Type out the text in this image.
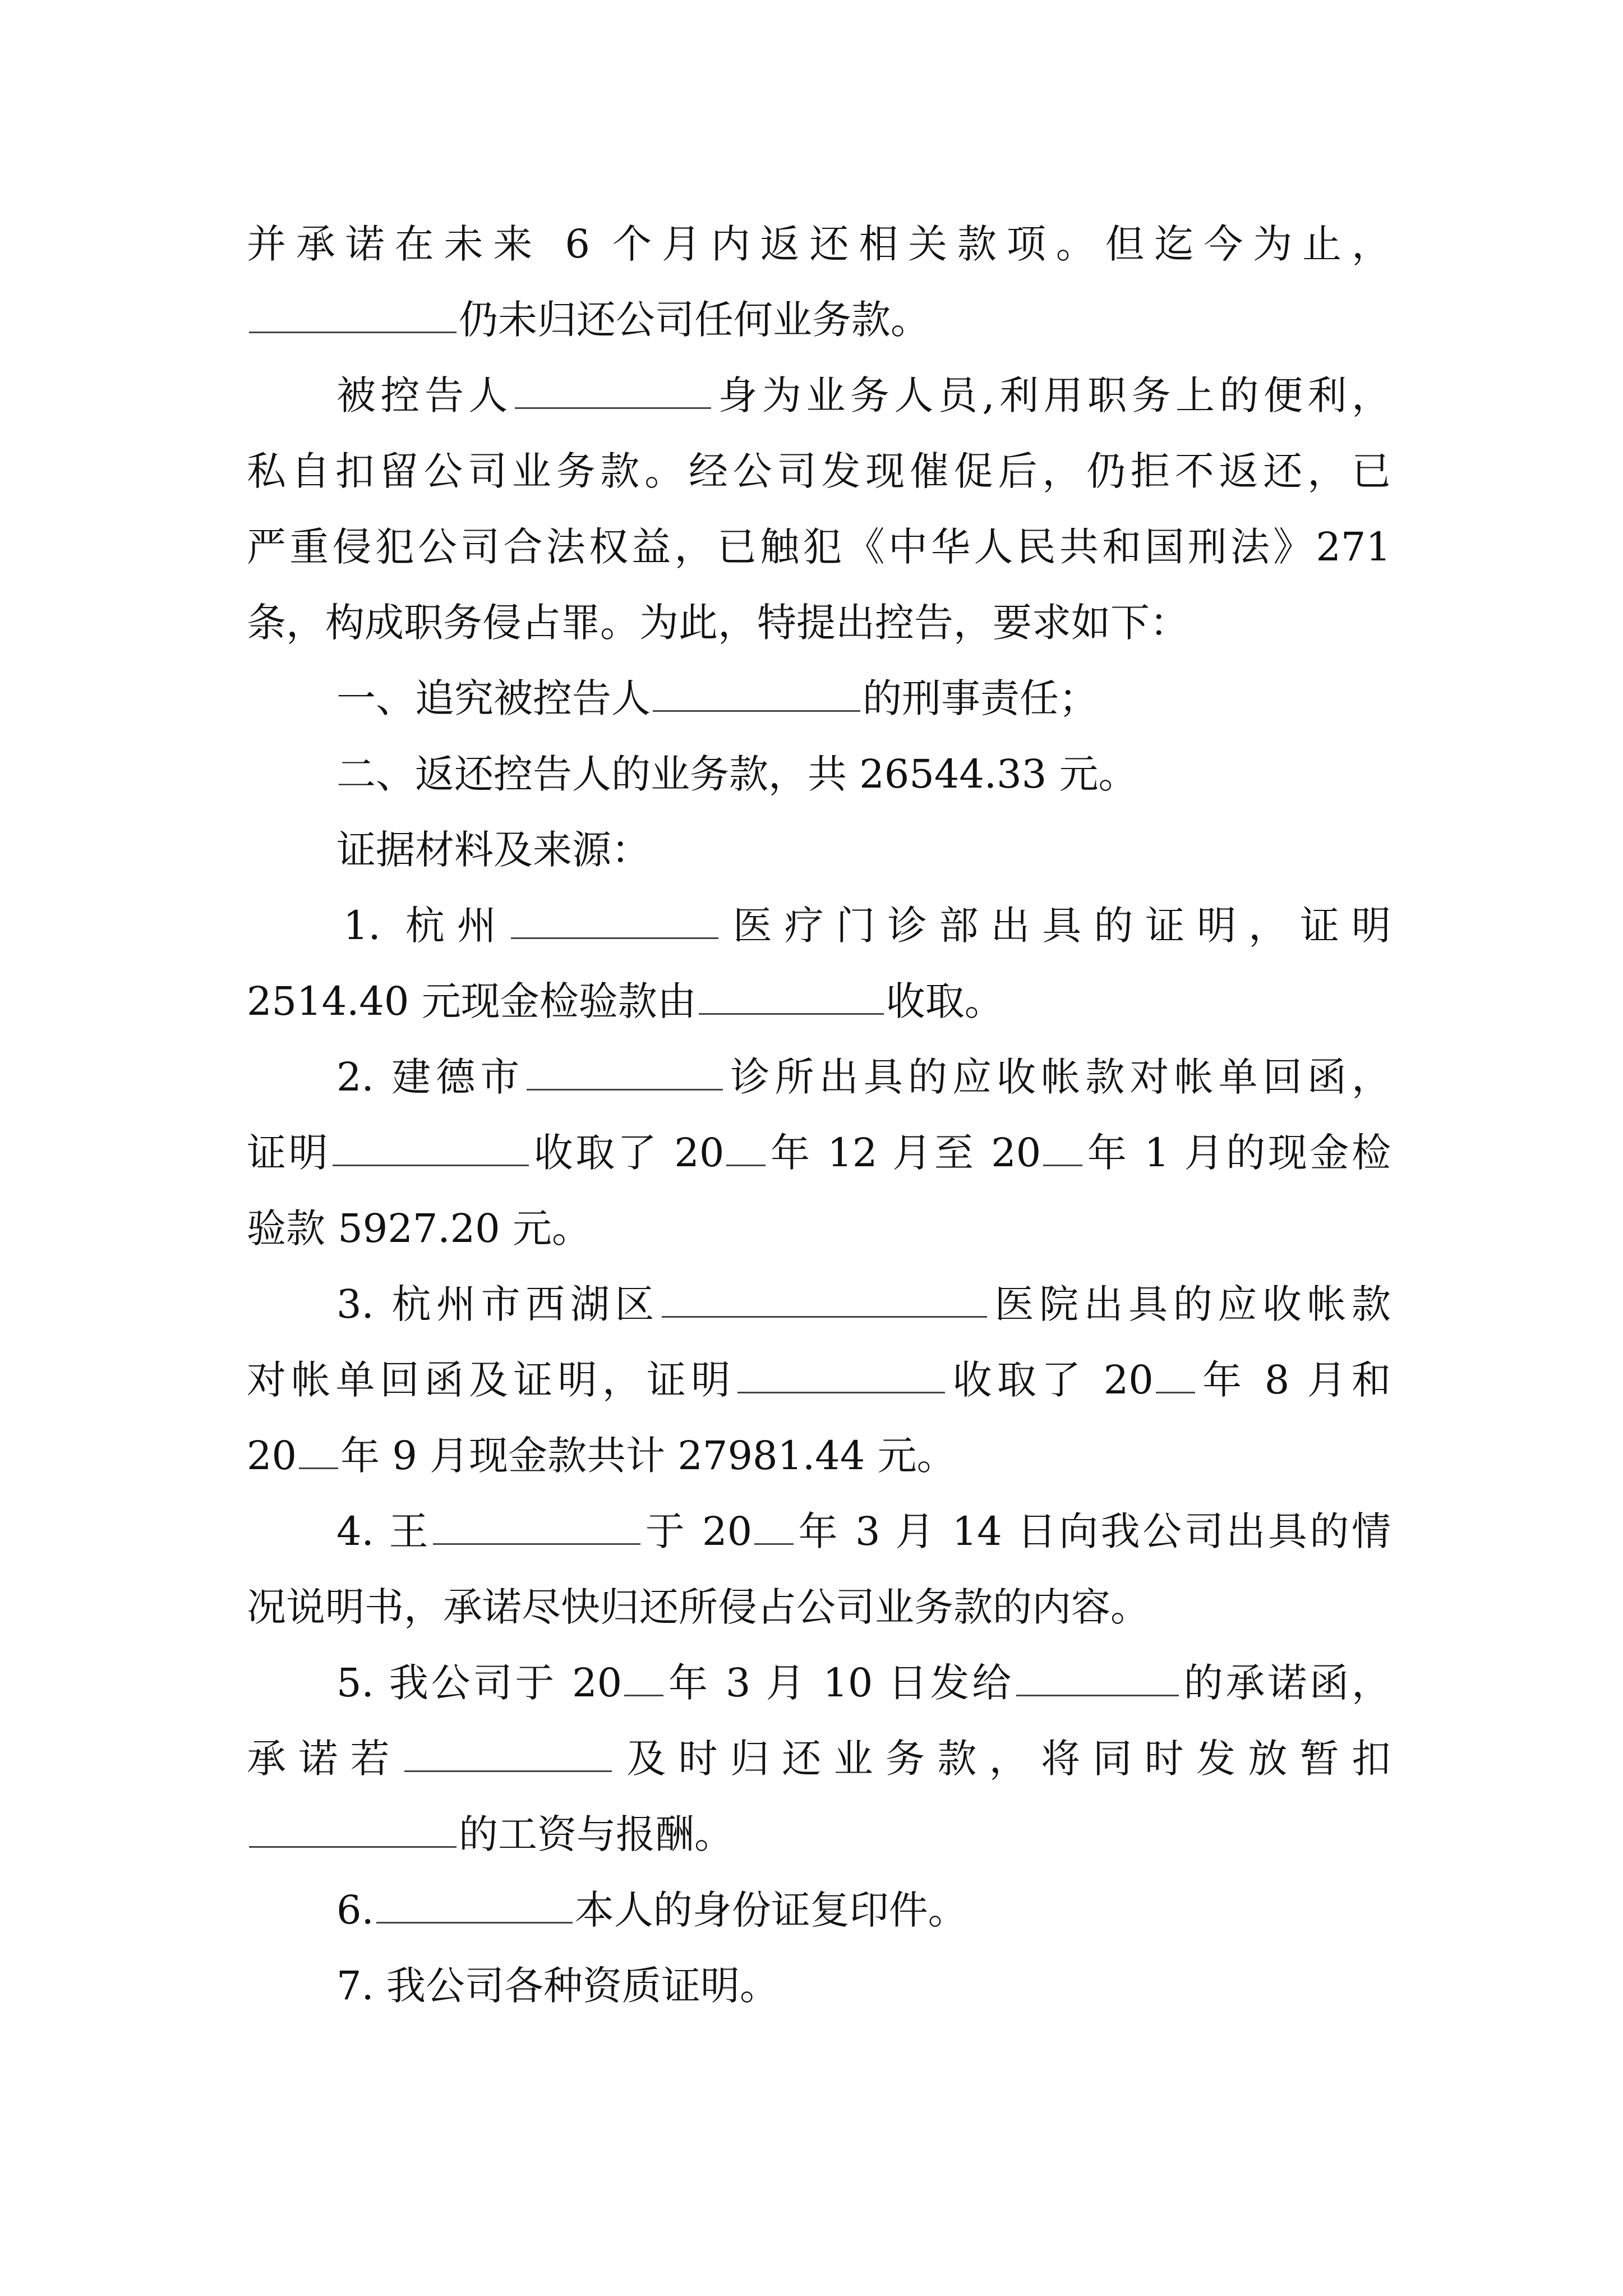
并承诺在未来 6 个月内返还相关款项。但迄今为止，
仍未归还公司任何业务款。
被控告人	身为业务人员,利用职务上的便利，
私自扣留公司业务款。经公司发现催促后，仍拒不返还，已
严重侵犯公司合法权益，已触犯《中华人民共和国刑法》271
条，构成职务侵占罪。为此，特提出控告，要求如下：
一、追究被控告人	的刑事责任；
二、返还控告人的业务款，共 26544.33 元。
证据材料及来源：
1. 杭州	医疗门诊部出具的证明，证明
2514.40 元现金检验款由	收取。
2. 建德市	诊所出具的应收帐款对帐单回函，
证明	收取了 20 年 12 月至 20 年 1 月的现金检
验款 5927.20 元。
3. 杭州市西湖区	医院出具的应收帐款
对帐单回函及证明，证明	收取了 20 年 8 月和
20 年 9 月现金款共计 27981.44 元。
4. 王	于 20 年 3 月 14 日向我公司出具的情
况说明书，承诺尽快归还所侵占公司业务款的内容。
5. 我公司于 20 年 3 月 10 日发给	的承诺函，
承诺若	及时归还业务款，将同时发放暂扣
的工资与报酬。
6.	本人的身份证复印件。
7. 我公司各种资质证明。
